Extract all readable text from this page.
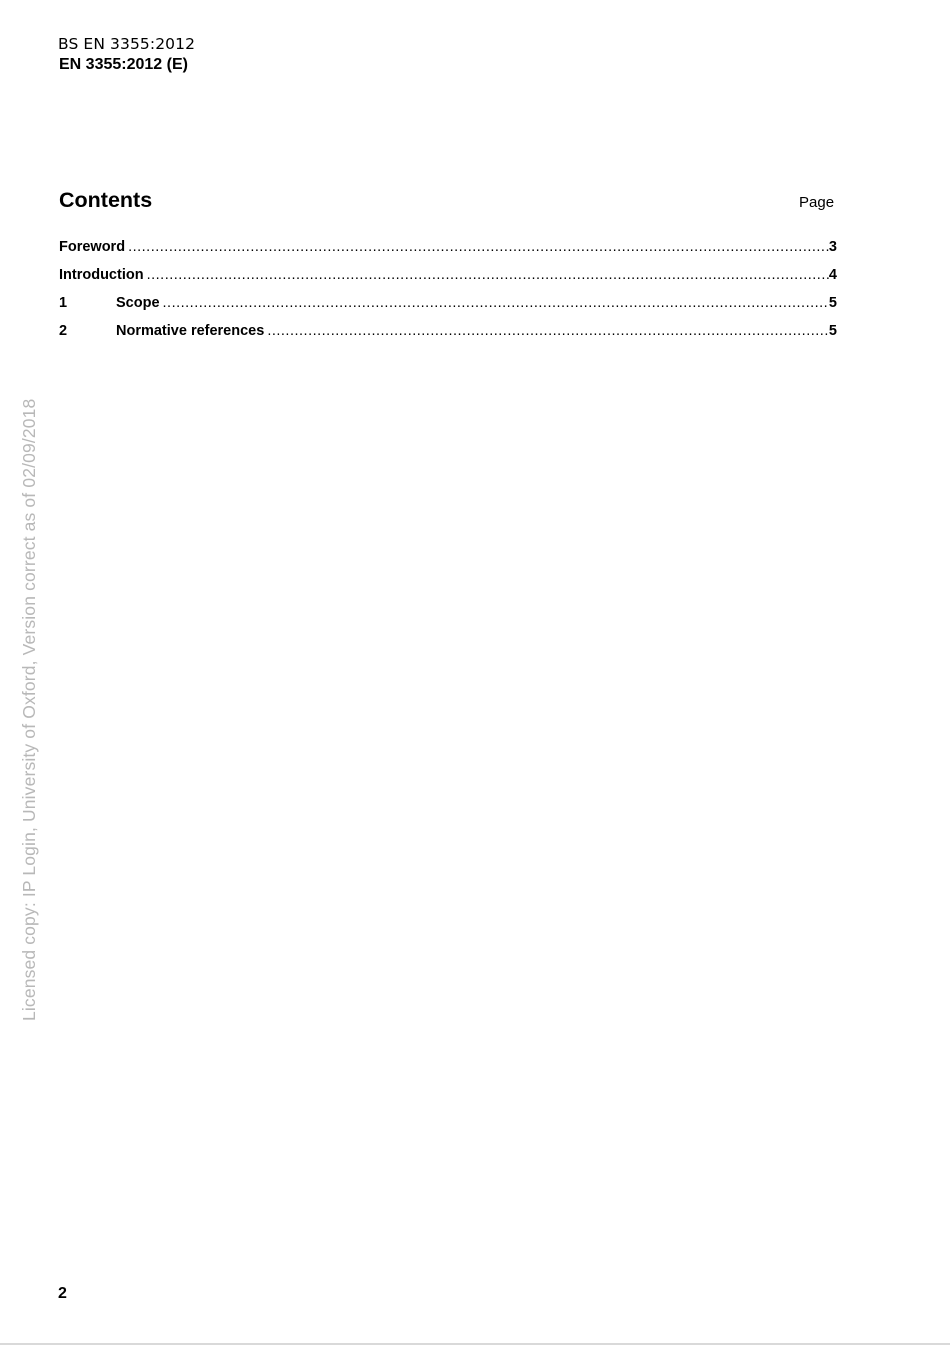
BS EN 3355:2012
EN 3355:2012 (E)
Contents	Page
Foreword .....	3
Introduction .....	4
1	Scope .....	5
2	Normative references .....	5
Licensed copy: IP Login, University of Oxford, Version correct as of 02/09/2018
2
